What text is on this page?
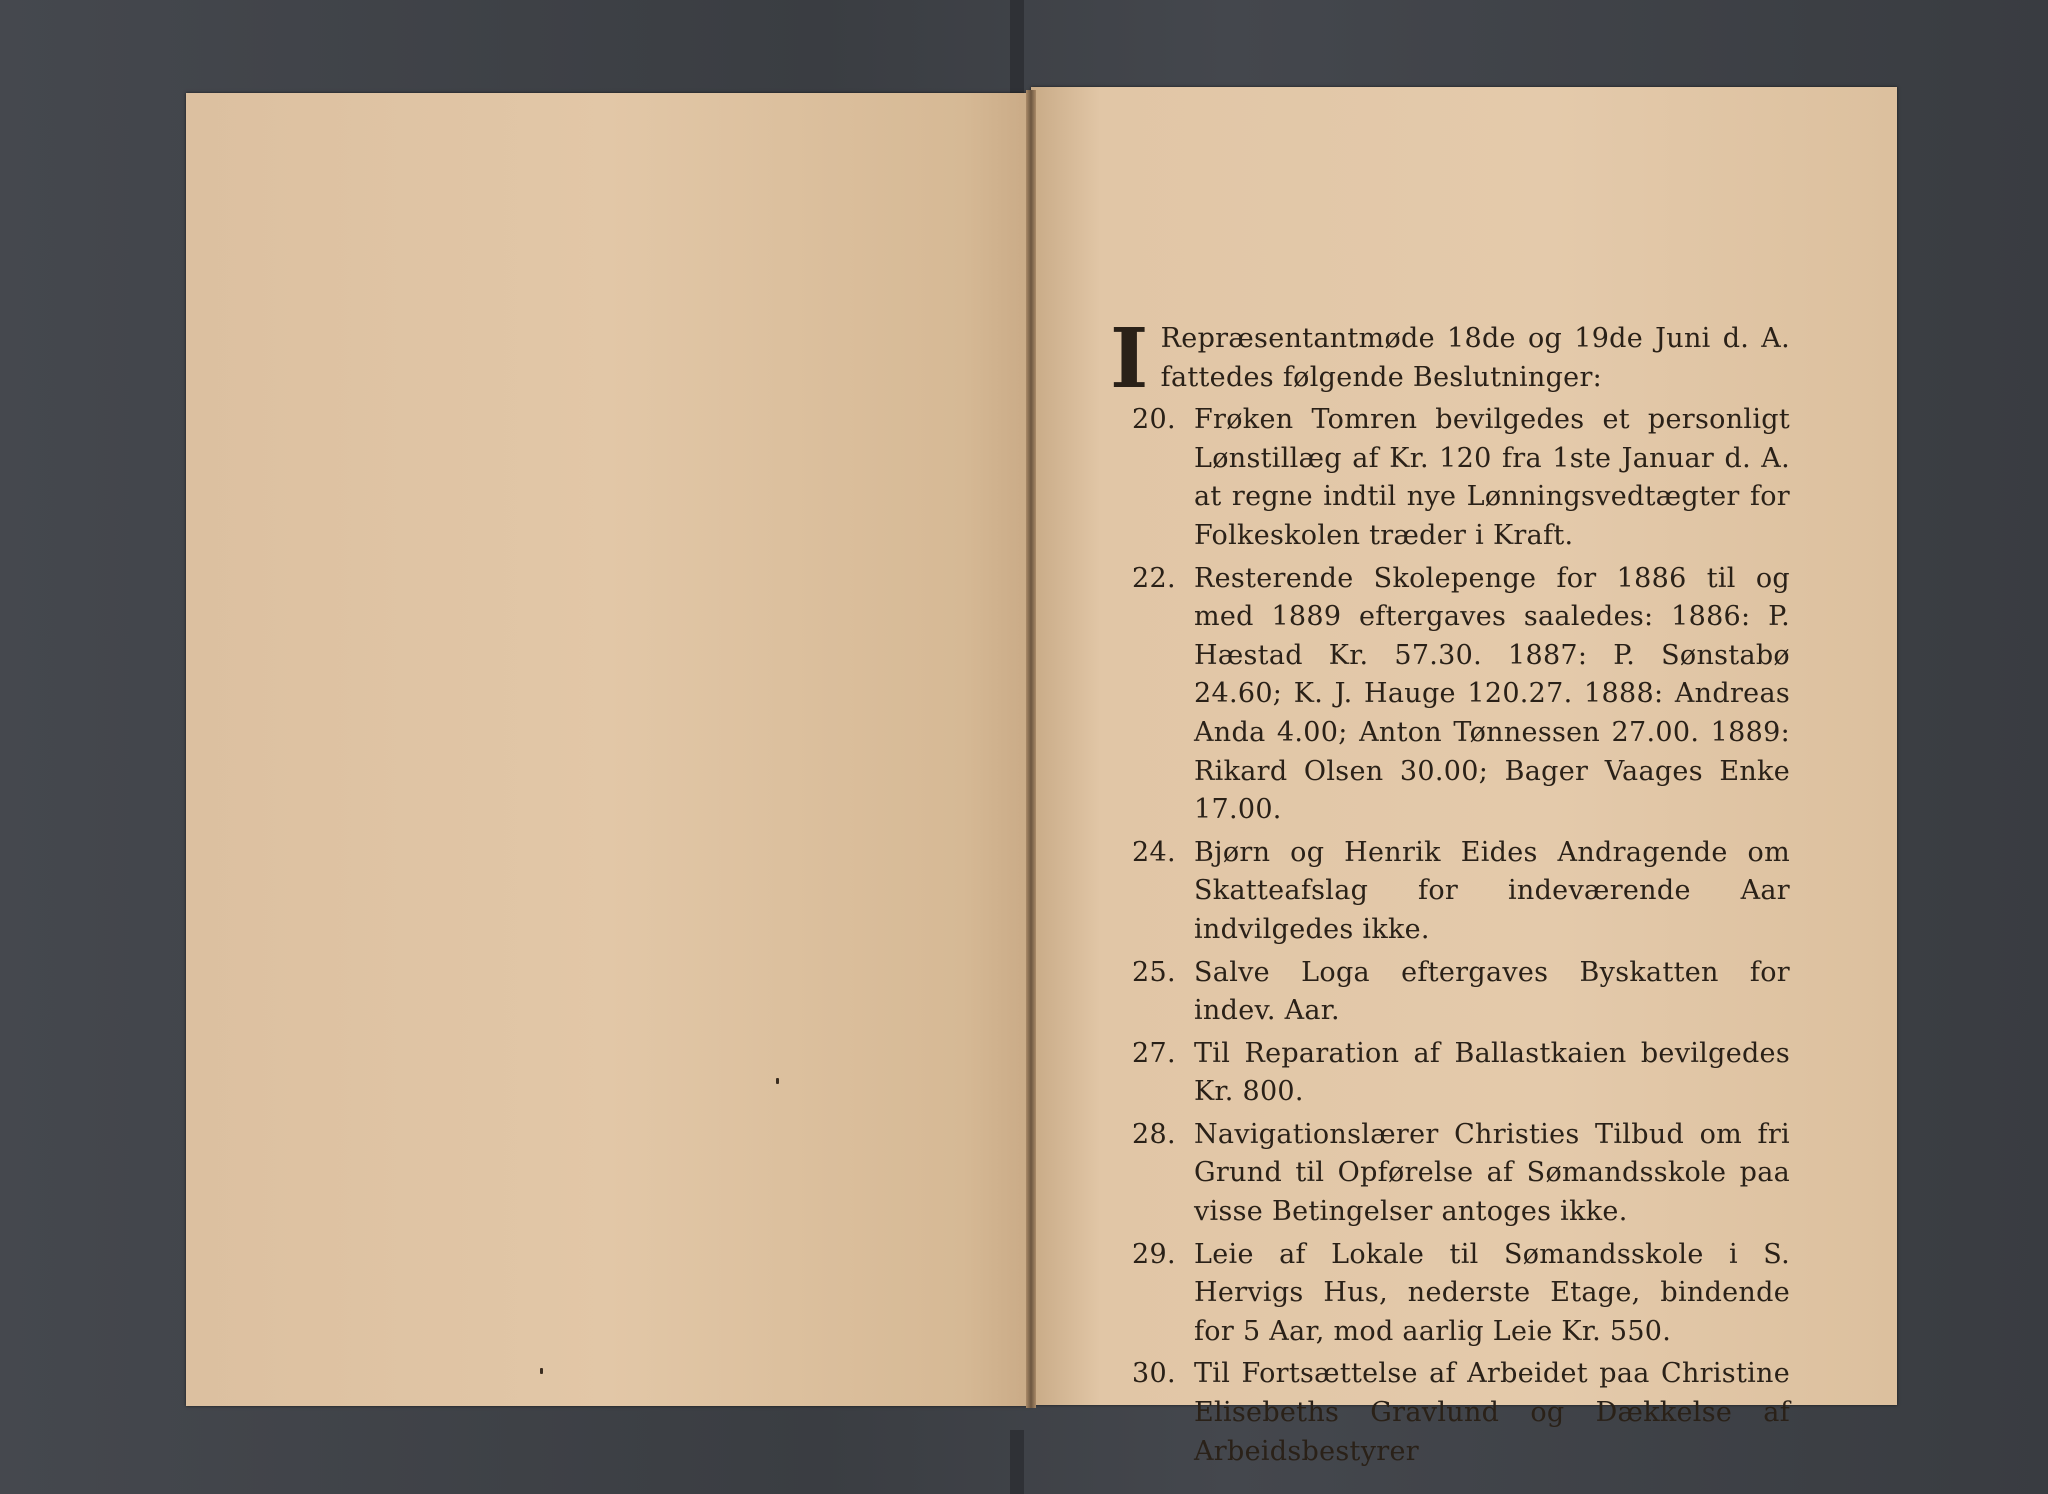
I Repræsentantmøde 18de og 19de Juni d. A. fattedes følgende Beslutninger:
20. Frøken Tomren bevilgedes et personligt Lønstillæg af Kr. 120 fra 1ste Januar d. A. at regne indtil nye Lønningsvedtægter for Folkeskolen træder i Kraft.
22. Resterende Skolepenge for 1886 til og med 1889 eftergaves saaledes: 1886: P. Hæstad Kr. 57.30. 1887: P. Sønstabø 24.60; K. J. Hauge 120.27. 1888: Andreas Anda 4.00; Anton Tønnessen 27.00. 1889: Rikard Olsen 30.00; Bager Vaages Enke 17.00.
24. Bjørn og Henrik Eides Andragende om Skatteafslag for indeværende Aar indvilgedes ikke.
25. Salve Loga eftergaves Byskatten for indev. Aar.
27. Til Reparation af Ballastkaien bevilgedes Kr. 800.
28. Navigationslærer Christies Tilbud om fri Grund til Opførelse af Sømandsskole paa visse Betingelser antoges ikke.
29. Leie af Lokale til Sømandsskole i S. Hervigs Hus, nederste Etage, bindende for 5 Aar, mod aarlig Leie Kr. 550.
30. Til Fortsættelse af Arbeidet paa Christine Elisebeths Gravlund og Dækkelse af Arbeidsbestyrer
